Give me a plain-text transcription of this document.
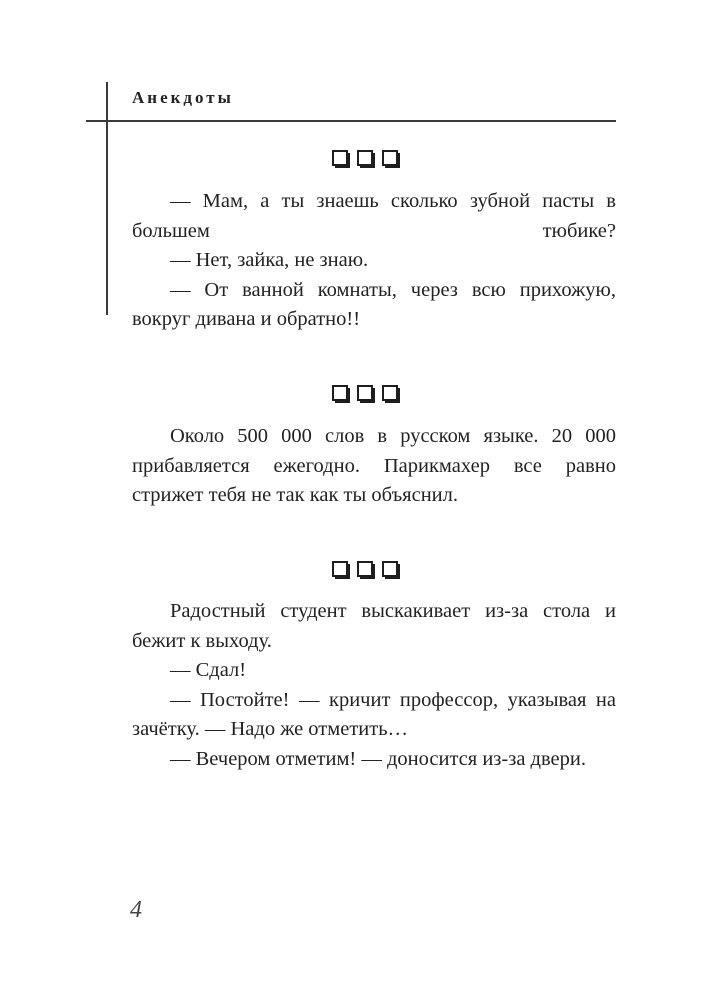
Анекдоты

— Мам, а ты знаешь сколько зубной пасты в большем тюбике?

— Нет, зайка, не знаю.

— От ванной комнаты, через всю прихожую, вокруг дивана и обратно!!

Около 500 000 слов в русском языке. 20 000 прибавляется ежегодно. Парикмахер все равно стрижет тебя не так как ты объяснил.

Радостный студент выскакивает из-за стола и бежит к выходу.

— Сдал!

— Постойте! — кричит профессор, указывая на зачётку. — Надо же отметить…

— Вечером отметим! — доносится из-за двери.

4
